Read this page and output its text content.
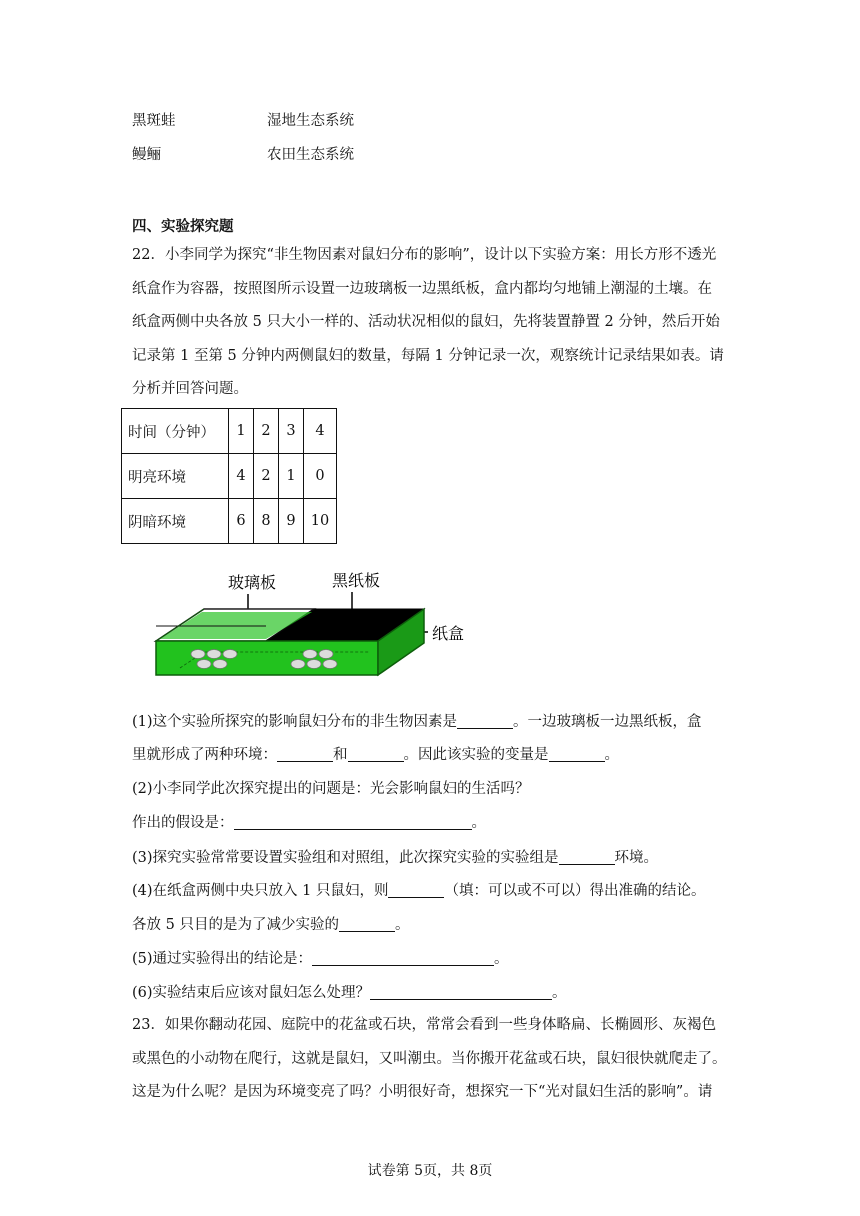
黑斑蛙	湿地生态系统
鳗鲡	农田生态系统
四、实验探究题
22．小李同学为探究“非生物因素对鼠妇分布的影响”，设计以下实验方案：用长方形不透光
纸盒作为容器，按照图所示设置一边玻璃板一边黑纸板，盒内都均匀地铺上潮湿的土壤。在
纸盒两侧中央各放 5 只大小一样的、活动状况相似的鼠妇，先将装置静置 2 分钟，然后开始
记录第 1 至第 5 分钟内两侧鼠妇的数量，每隔 1 分钟记录一次，观察统计记录结果如表。请
分析并回答问题。
时间（分钟）	1	2	3	4
明亮环境	4	2	1	0
阴暗环境	6	8	9	10
玻璃板	黑纸板
纸盒
(1)这个实验所探究的影响鼠妇分布的非生物因素是	。一边玻璃板一边黑纸板，盒
里就形成了两种环境：	和	。因此该实验的变量是	。
(2)小李同学此次探究提出的问题是：光会影响鼠妇的生活吗？
作出的假设是：	。
(3)探究实验常常要设置实验组和对照组，此次探究实验的实验组是	环境。
(4)在纸盒两侧中央只放入 1 只鼠妇，则	（填：可以或不可以）得出准确的结论。
各放 5 只目的是为了减少实验的	。
(5)通过实验得出的结论是：	。
(6)实验结束后应该对鼠妇怎么处理？	。
23．如果你翻动花园、庭院中的花盆或石块，常常会看到一些身体略扁、长椭圆形、灰褐色
或黑色的小动物在爬行，这就是鼠妇，又叫潮虫。当你搬开花盆或石块，鼠妇很快就爬走了。
这是为什么呢？是因为环境变亮了吗？小明很好奇，想探究一下“光对鼠妇生活的影响”。请
试卷第 5页，共 8页
